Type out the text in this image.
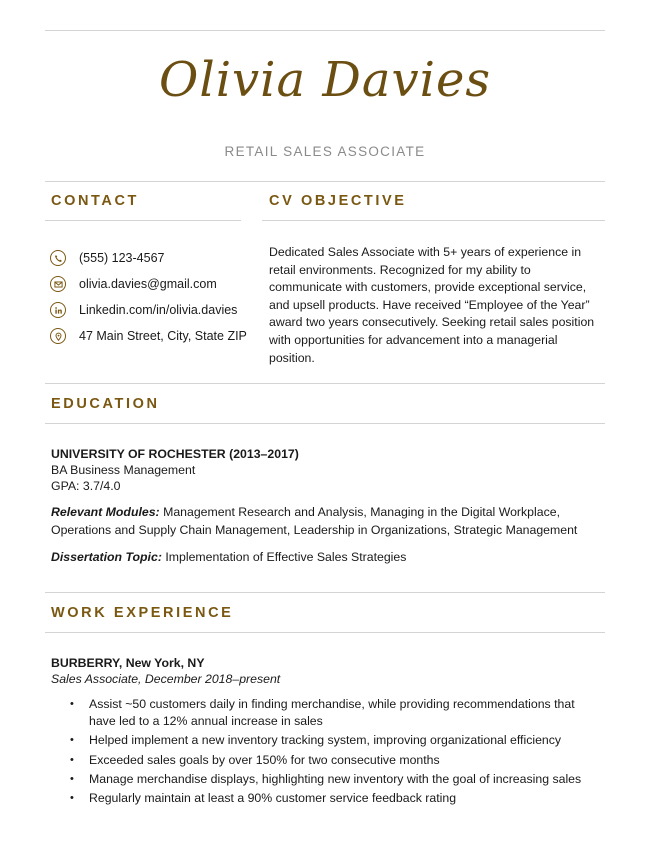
Olivia Davies
RETAIL SALES ASSOCIATE
CONTACT
(555) 123-4567
olivia.davies@gmail.com
Linkedin.com/in/olivia.davies
47 Main Street, City, State ZIP
CV OBJECTIVE
Dedicated Sales Associate with 5+ years of experience in retail environments. Recognized for my ability to communicate with customers, provide exceptional service, and upsell products. Have received “Employee of the Year” award two years consecutively. Seeking retail sales position with opportunities for advancement into a managerial position.
EDUCATION
UNIVERSITY OF ROCHESTER (2013–2017)
BA Business Management
GPA: 3.7/4.0
Relevant Modules: Management Research and Analysis, Managing in the Digital Workplace, Operations and Supply Chain Management, Leadership in Organizations, Strategic Management
Dissertation Topic: Implementation of Effective Sales Strategies
WORK EXPERIENCE
BURBERRY, New York, NY
Sales Associate, December 2018–present
• Assist ~50 customers daily in finding merchandise, while providing recommendations that have led to a 12% annual increase in sales
• Helped implement a new inventory tracking system, improving organizational efficiency
• Exceeded sales goals by over 150% for two consecutive months
• Manage merchandise displays, highlighting new inventory with the goal of increasing sales
• Regularly maintain at least a 90% customer service feedback rating
